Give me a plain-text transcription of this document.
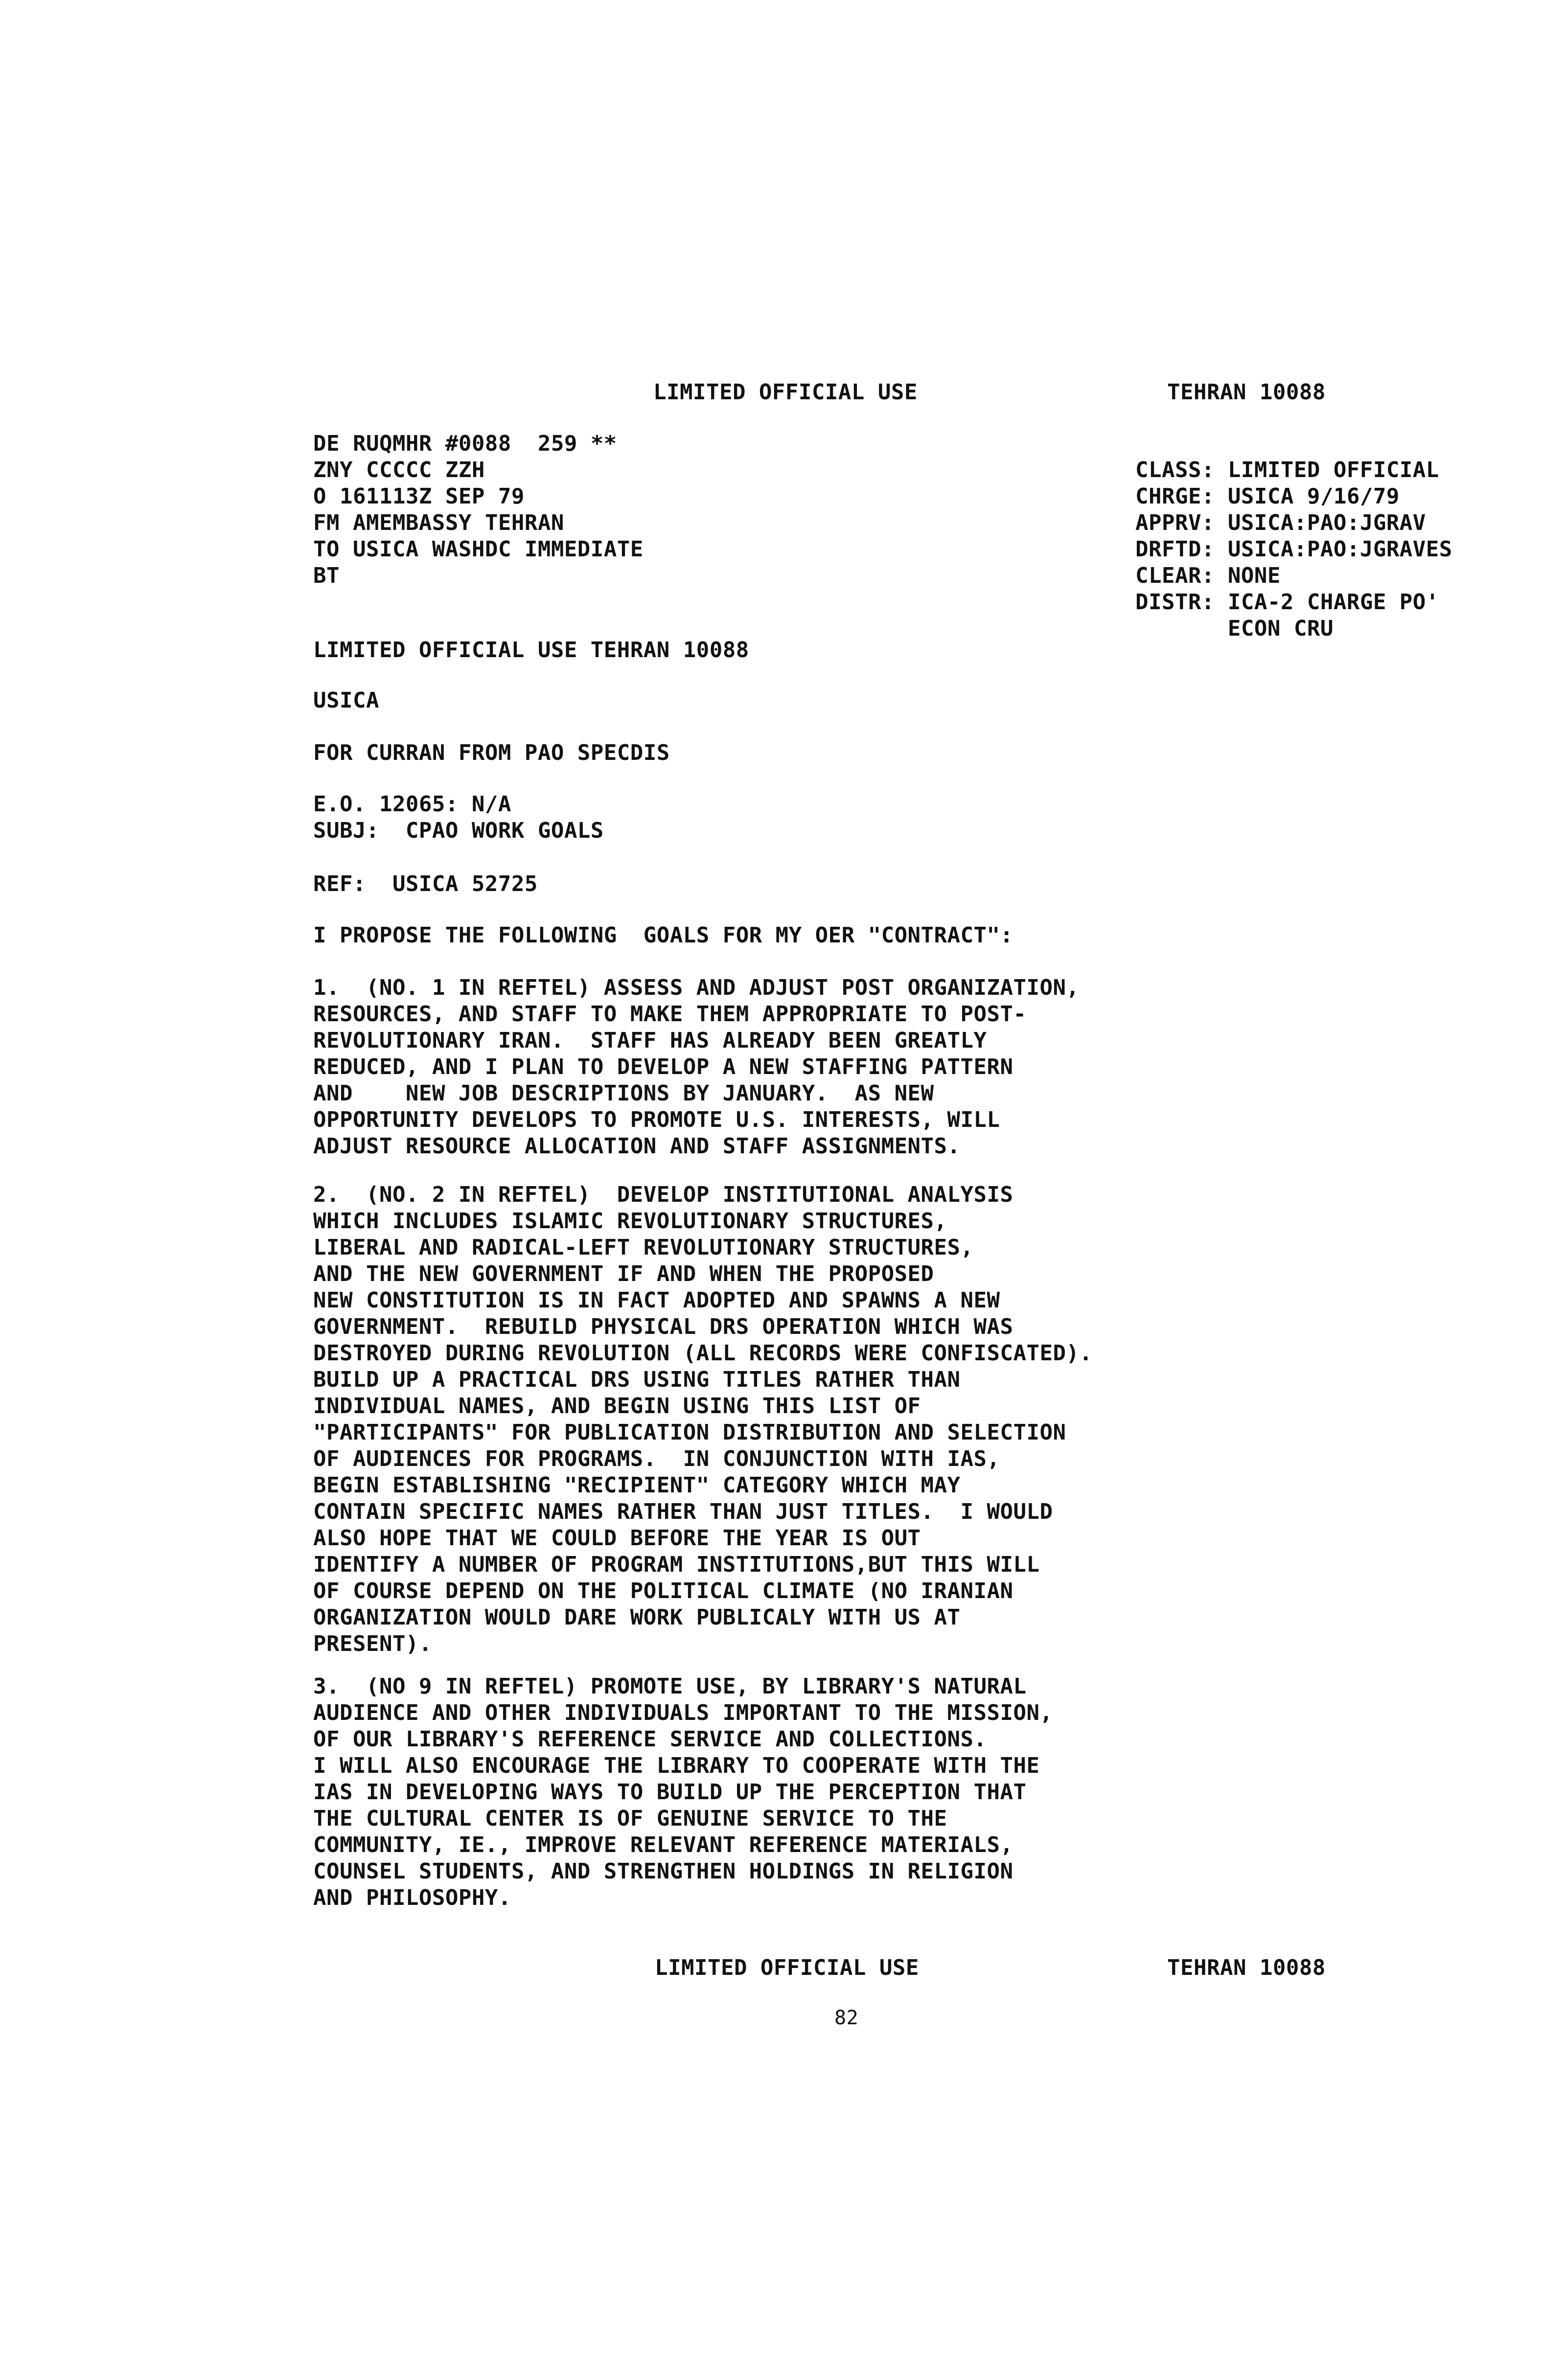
LIMITED OFFICIAL USE	TEHRAN 10088
DE RUQMHR #0088  259 **
ZNY CCCCC ZZH
O 161113Z SEP 79
FM AMEMBASSY TEHRAN
TO USICA WASHDC IMMEDIATE
BT
CLASS: LIMITED OFFICIAL
CHRGE: USICA 9/16/79
APPRV: USICA:PAO:JGRAV
DRFTD: USICA:PAO:JGRAVES
CLEAR: NONE
DISTR: ICA-2 CHARGE PO'
ECON CRU
LIMITED OFFICIAL USE TEHRAN 10088
USICA
FOR CURRAN FROM PAO SPECDIS
E.O. 12065: N/A
SUBJ:  CPAO WORK GOALS
REF:  USICA 52725
I PROPOSE THE FOLLOWING  GOALS FOR MY OER "CONTRACT":
1.  (NO. 1 IN REFTEL) ASSESS AND ADJUST POST ORGANIZATION,
RESOURCES, AND STAFF TO MAKE THEM APPROPRIATE TO POST-
REVOLUTIONARY IRAN.  STAFF HAS ALREADY BEEN GREATLY
REDUCED, AND I PLAN TO DEVELOP A NEW STAFFING PATTERN
AND    NEW JOB DESCRIPTIONS BY JANUARY.  AS NEW
OPPORTUNITY DEVELOPS TO PROMOTE U.S. INTERESTS, WILL
ADJUST RESOURCE ALLOCATION AND STAFF ASSIGNMENTS.
2.  (NO. 2 IN REFTEL)  DEVELOP INSTITUTIONAL ANALYSIS
WHICH INCLUDES ISLAMIC REVOLUTIONARY STRUCTURES,
LIBERAL AND RADICAL-LEFT REVOLUTIONARY STRUCTURES,
AND THE NEW GOVERNMENT IF AND WHEN THE PROPOSED
NEW CONSTITUTION IS IN FACT ADOPTED AND SPAWNS A NEW
GOVERNMENT.  REBUILD PHYSICAL DRS OPERATION WHICH WAS
DESTROYED DURING REVOLUTION (ALL RECORDS WERE CONFISCATED).
BUILD UP A PRACTICAL DRS USING TITLES RATHER THAN
INDIVIDUAL NAMES, AND BEGIN USING THIS LIST OF
"PARTICIPANTS" FOR PUBLICATION DISTRIBUTION AND SELECTION
OF AUDIENCES FOR PROGRAMS.  IN CONJUNCTION WITH IAS,
BEGIN ESTABLISHING "RECIPIENT" CATEGORY WHICH MAY
CONTAIN SPECIFIC NAMES RATHER THAN JUST TITLES.  I WOULD
ALSO HOPE THAT WE COULD BEFORE THE YEAR IS OUT
IDENTIFY A NUMBER OF PROGRAM INSTITUTIONS,BUT THIS WILL
OF COURSE DEPEND ON THE POLITICAL CLIMATE (NO IRANIAN
ORGANIZATION WOULD DARE WORK PUBLICALY WITH US AT
PRESENT).
3.  (NO 9 IN REFTEL) PROMOTE USE, BY LIBRARY'S NATURAL
AUDIENCE AND OTHER INDIVIDUALS IMPORTANT TO THE MISSION,
OF OUR LIBRARY'S REFERENCE SERVICE AND COLLECTIONS.
I WILL ALSO ENCOURAGE THE LIBRARY TO COOPERATE WITH THE
IAS IN DEVELOPING WAYS TO BUILD UP THE PERCEPTION THAT
THE CULTURAL CENTER IS OF GENUINE SERVICE TO THE
COMMUNITY, IE., IMPROVE RELEVANT REFERENCE MATERIALS,
COUNSEL STUDENTS, AND STRENGTHEN HOLDINGS IN RELIGION
AND PHILOSOPHY.
LIMITED OFFICIAL USE	TEHRAN 10088
82
